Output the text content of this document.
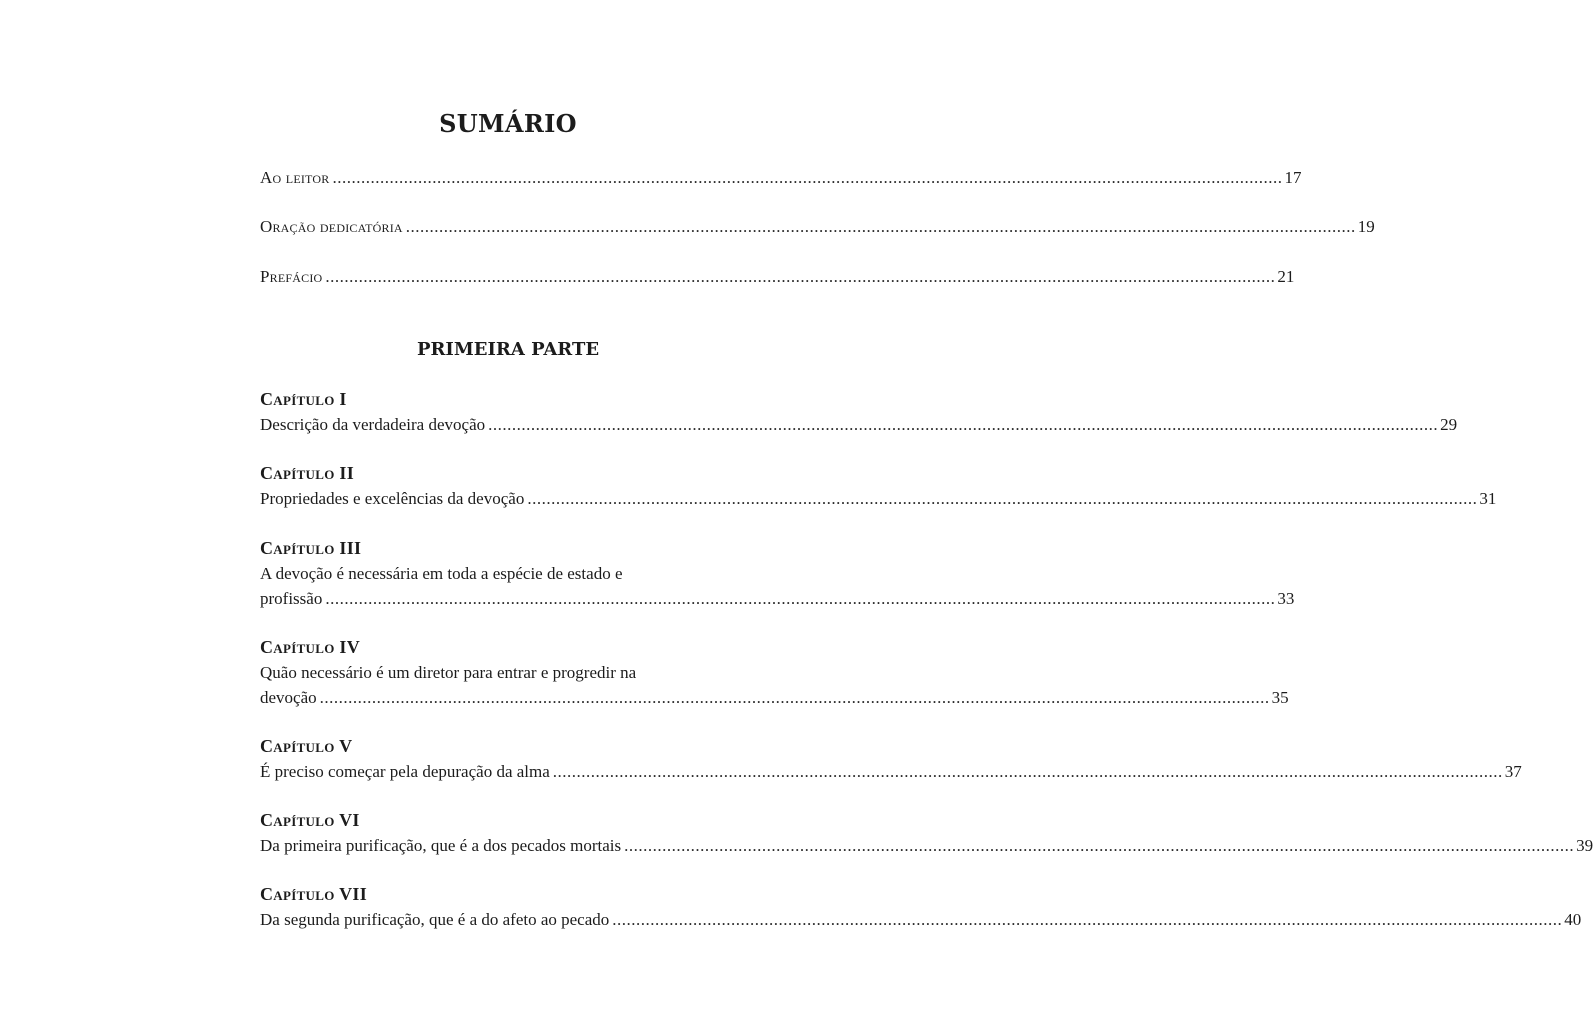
SUMÁRIO
Ao leitor ........................................................................................................................................................................................................ 17
Oração dedicatória ........................................................................................................................................................................................................ 19
Prefácio ........................................................................................................................................................................................................ 21
PRIMEIRA PARTE
Capítulo I
Descrição da verdadeira devoção ........................................................................................................................................................................................................ 29
Capítulo II
Propriedades e excelências da devoção ........................................................................................................................................................................................................ 31
Capítulo III
A devoção é necessária em toda a espécie de estado e
profissão ........................................................................................................................................................................................................ 33
Capítulo IV
Quão necessário é um diretor para entrar e progredir na
devoção ........................................................................................................................................................................................................ 35
Capítulo V
É preciso começar pela depuração da alma ........................................................................................................................................................................................................ 37
Capítulo VI
Da primeira purificação, que é a dos pecados mortais ........................................................................................................................................................................................................ 39
Capítulo VII
Da segunda purificação, que é a do afeto ao pecado ........................................................................................................................................................................................................ 40
